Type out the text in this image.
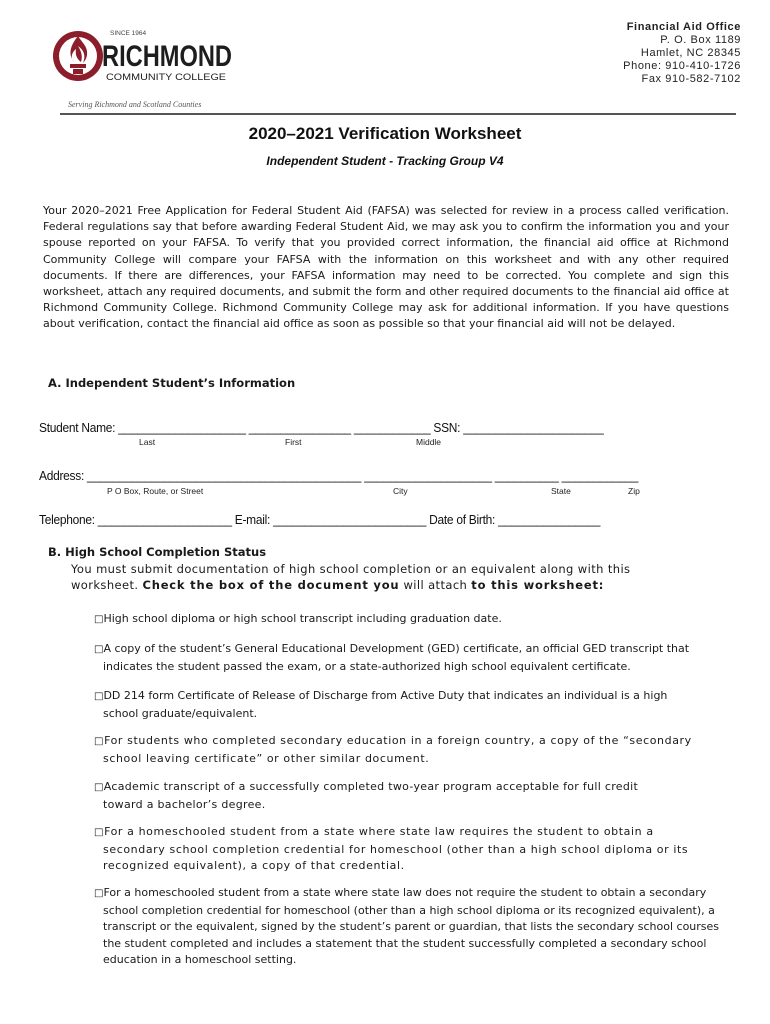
SINCE 1964
RICHMOND
COMMUNITY COLLEGE
Serving Richmond and Scotland Counties
Financial Aid Office
P. O. Box 1189
Hamlet, NC 28345
Phone: 910-410-1726
Fax 910-582-7102
2020–2021 Verification Worksheet
Independent Student - Tracking Group V4
Your 2020–2021 Free Application for Federal Student Aid (FAFSA) was selected for review in a process called verification. Federal regulations say that before awarding Federal Student Aid, we may ask you to confirm the information you and your spouse reported on your FAFSA. To verify that you provided correct information, the financial aid office at Richmond Community College will compare your FAFSA with the information on this worksheet and with any other required documents. If there are differences, your FAFSA information may need to be corrected. You complete and sign this worksheet, attach any required documents, and submit the form and other required documents to the financial aid office at Richmond Community College. Richmond Community College may ask for additional information. If you have questions about verification, contact the financial aid office as soon as possible so that your financial aid will not be delayed.
A. Independent Student’s Information
Student Name: ____________________ ________________ ____________ SSN: ______________________
Last	First	Middle
Address: ___________________________________________ ____________________ __________ ____________
P O Box, Route, or Street	City	State	Zip
Telephone: _____________________ E-mail: ________________________ Date of Birth: ________________
B. High School Completion Status
You must submit documentation of high school completion or an equivalent along with this worksheet. Check the box of the document you will attach to this worksheet:
□High school diploma or high school transcript including graduation date.
□A copy of the student’s General Educational Development (GED) certificate, an official GED transcript that
indicates the student passed the exam, or a state-authorized high school equivalent certificate.
□DD 214 form Certificate of Release of Discharge from Active Duty that indicates an individual is a high
school graduate/equivalent.
□For students who completed secondary education in a foreign country, a copy of the “secondary
school leaving certificate” or other similar document.
□Academic transcript of a successfully completed two-year program acceptable for full credit
toward a bachelor’s degree.
□For a homeschooled student from a state where state law requires the student to obtain a
secondary school completion credential for homeschool (other than a high school diploma or its recognized equivalent), a copy of that credential.
□For a homeschooled student from a state where state law does not require the student to obtain a secondary
school completion credential for homeschool (other than a high school diploma or its recognized equivalent), a transcript or the equivalent, signed by the student’s parent or guardian, that lists the secondary school courses the student completed and includes a statement that the student successfully completed a secondary school education in a homeschool setting.
